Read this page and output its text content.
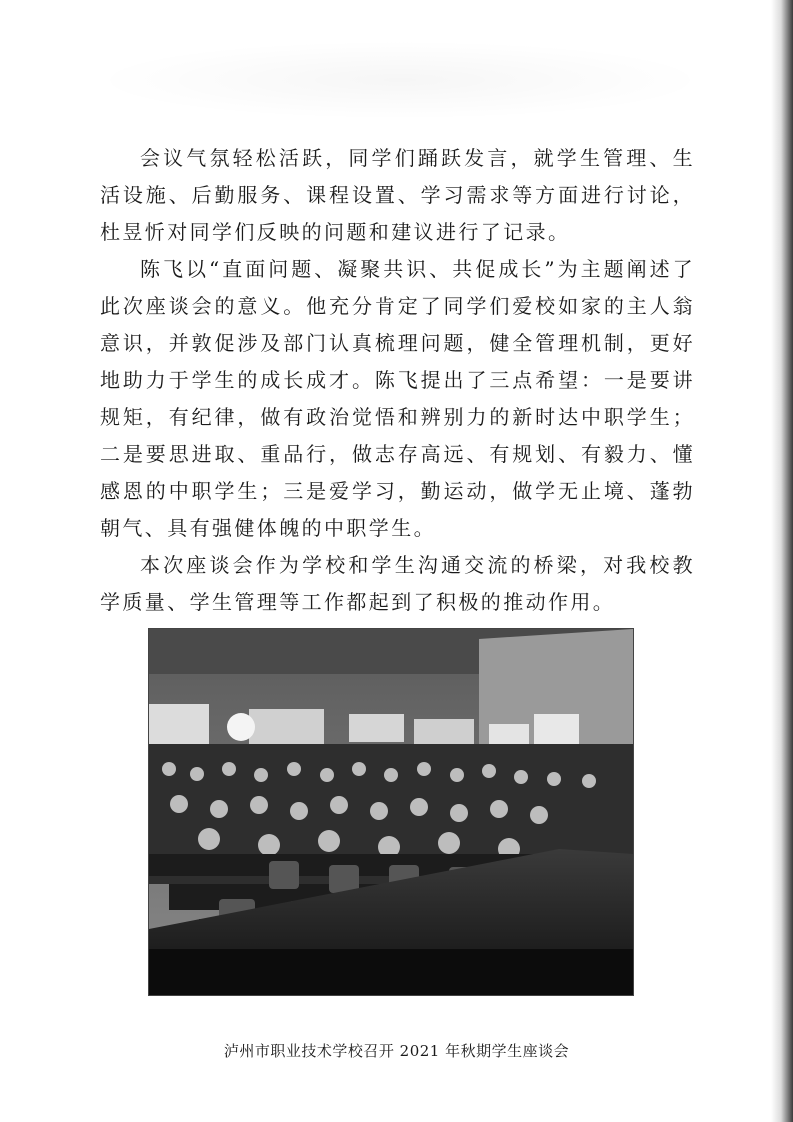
会议气氛轻松活跃，同学们踊跃发言，就学生管理、生活设施、后勤服务、课程设置、学习需求等方面进行讨论，杜昱忻对同学们反映的问题和建议进行了记录。

陈飞以“直面问题、凝聚共识、共促成长”为主题阐述了此次座谈会的意义。他充分肯定了同学们爱校如家的主人翁意识，并敦促涉及部门认真梳理问题，健全管理机制，更好地助力于学生的成长成才。陈飞提出了三点希望：一是要讲规矩，有纪律，做有政治觉悟和辨别力的新时达中职学生；二是要思进取、重品行，做志存高远、有规划、有毅力、懂感恩的中职学生；三是爱学习，勤运动，做学无止境、蓬勃朝气、具有强健体魄的中职学生。

本次座谈会作为学校和学生沟通交流的桥梁，对我校教学质量、学生管理等工作都起到了积极的推动作用。

泸州市职业技术学校召开 2021 年秋期学生座谈会
